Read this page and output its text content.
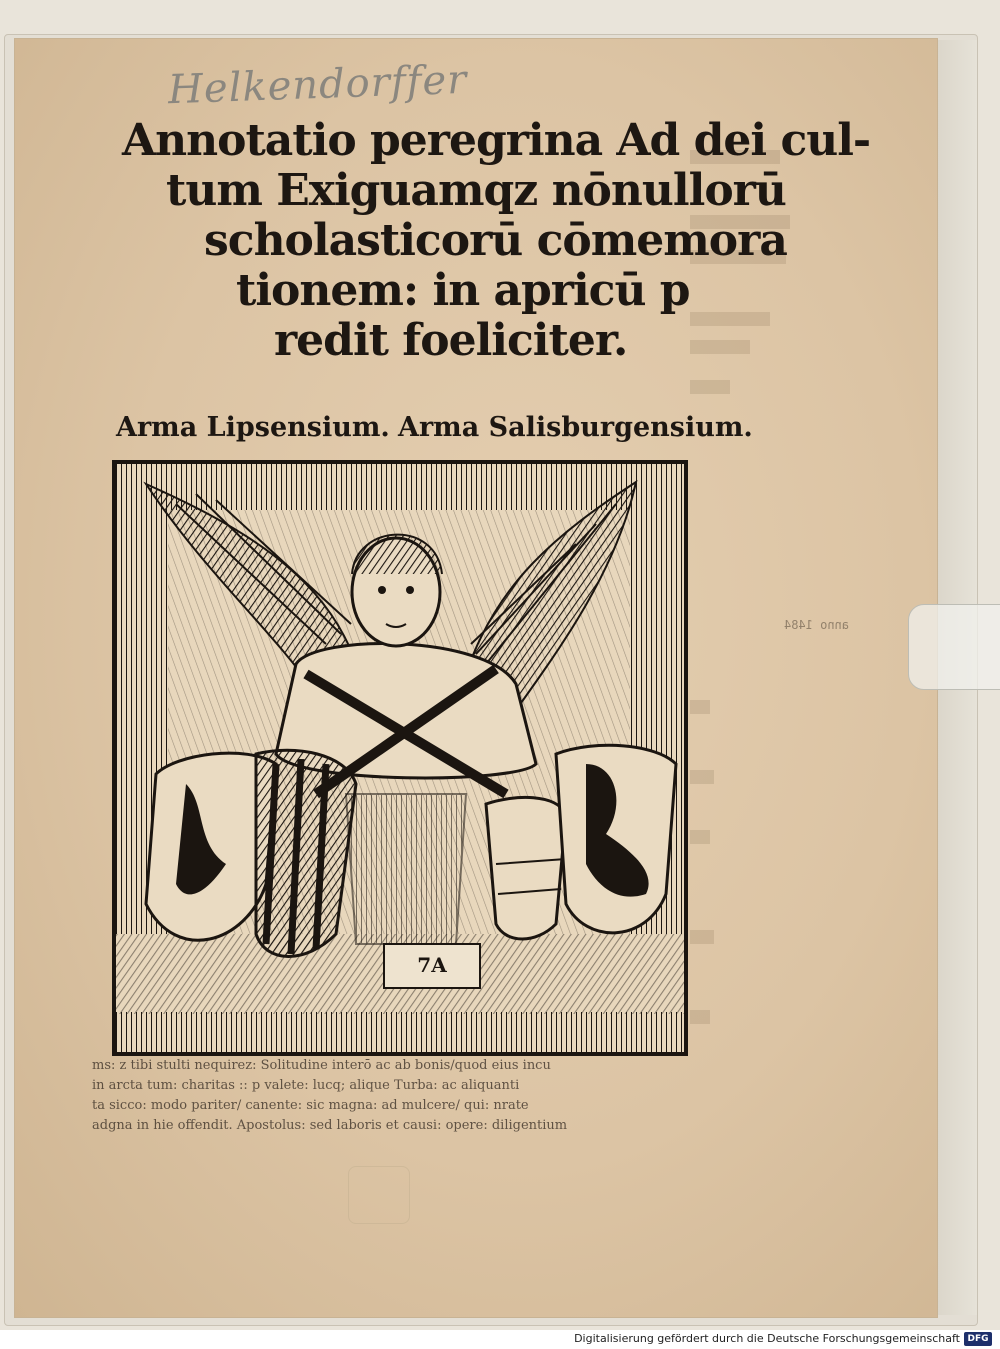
Helkendorffer
Annotatio peregrina Ad dei cul-
tum Exiguamqz nōnullorū
scholasticorū cōmemora
tionem: in apricū p
redit foeliciter.
Arma Lipsensium. Arma Salisburgensium.
7A
anno 1484
ms: z tibi stulti nequirez: Solitudine interō ac ab bonis/quod eius incu
in arcta tum: charitas :: p valete: lucq; alique Turba: ac aliquanti
ta sicco: modo pariter/ canente: sic magna: ad mulcere/ qui: nrate
adgna in hie offendit. Apostolus: sed laboris et causi: opere: diligentium
Digitalisierung gefördert durch die Deutsche Forschungsgemeinschaft DFG
